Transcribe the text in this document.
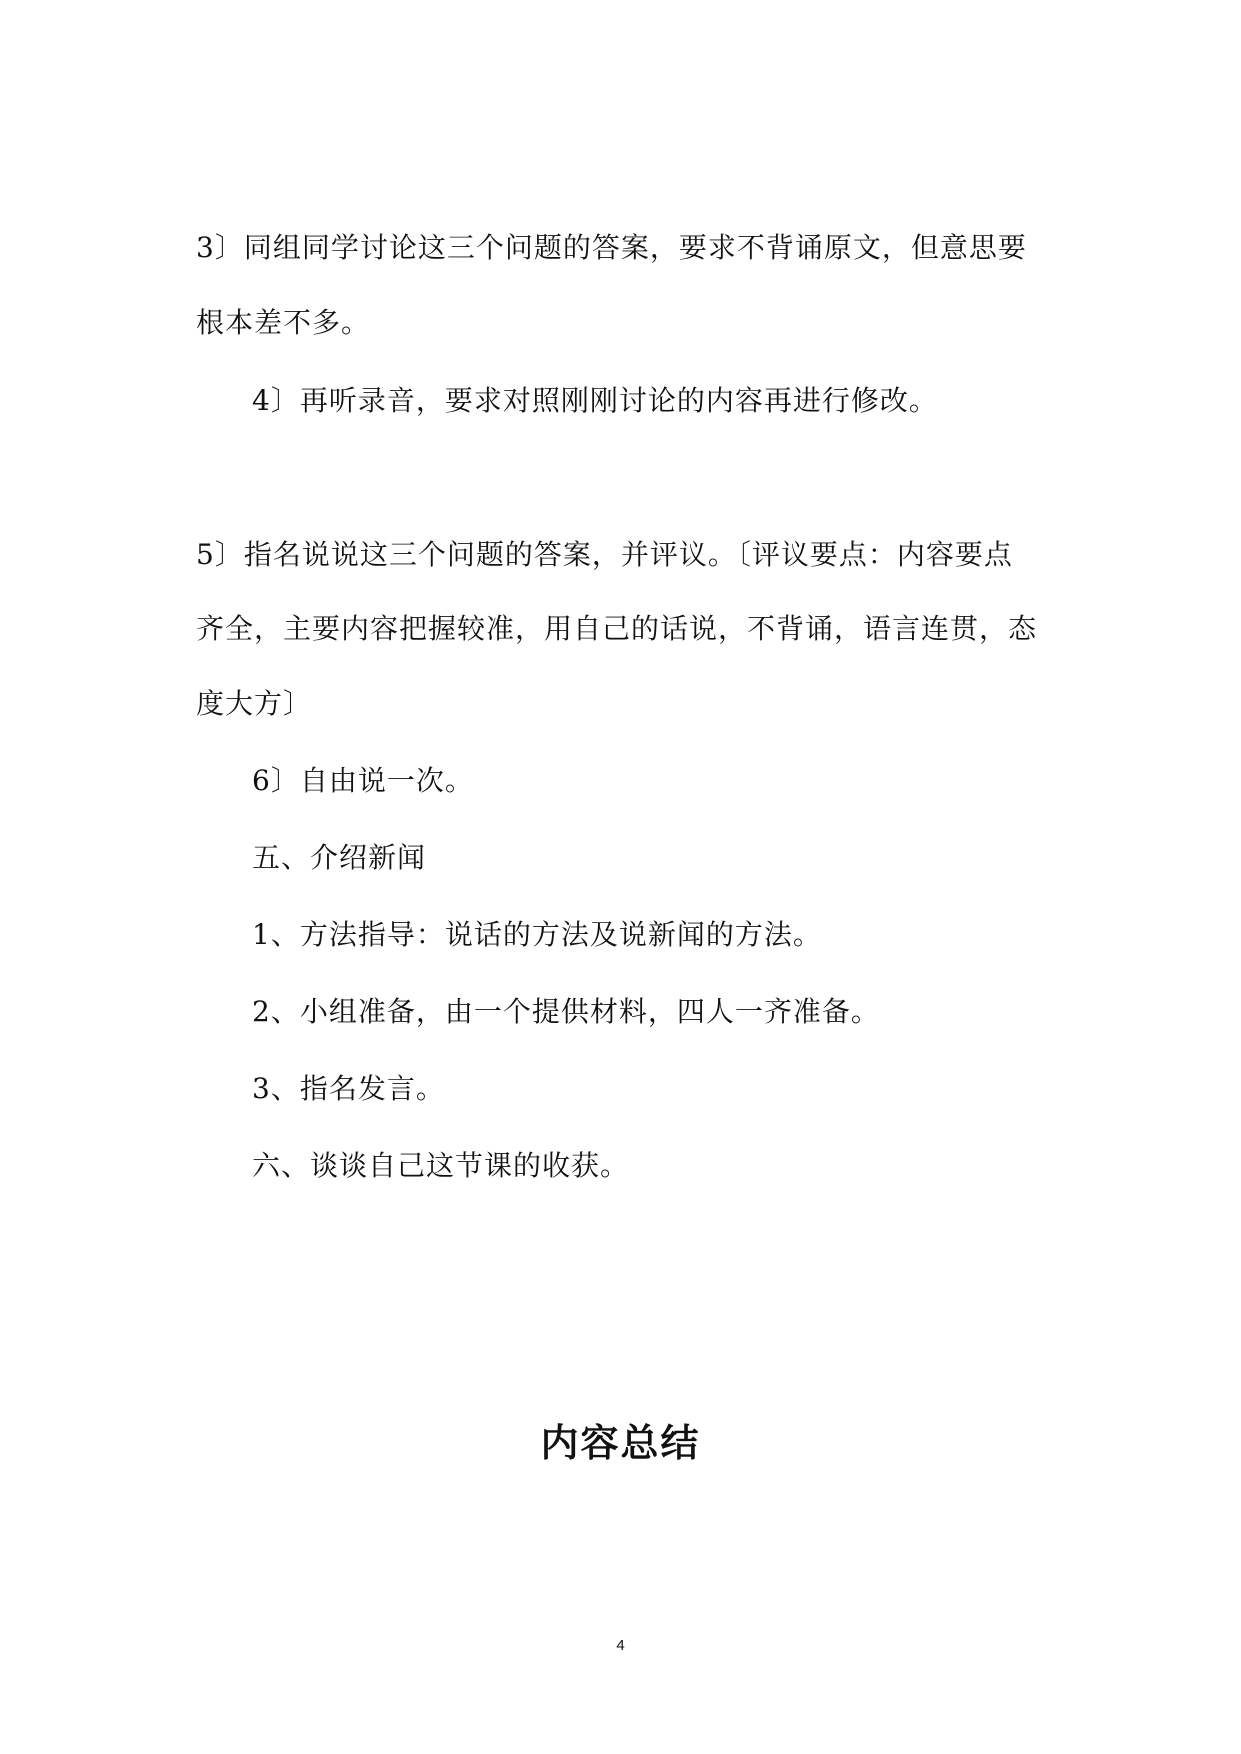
3〕同组同学讨论这三个问题的答案，要求不背诵原文，但意思要
根本差不多。
4〕再听录音，要求对照刚刚讨论的内容再进行修改。
5〕指名说说这三个问题的答案，并评议。〔评议要点：内容要点
齐全，主要内容把握较准，用自己的话说，不背诵，语言连贯，态
度大方〕
6〕自由说一次。
五、介绍新闻
1、方法指导：说话的方法及说新闻的方法。
2、小组准备，由一个提供材料，四人一齐准备。
3、指名发言。
六、谈谈自己这节课的收获。
内容总结
4
